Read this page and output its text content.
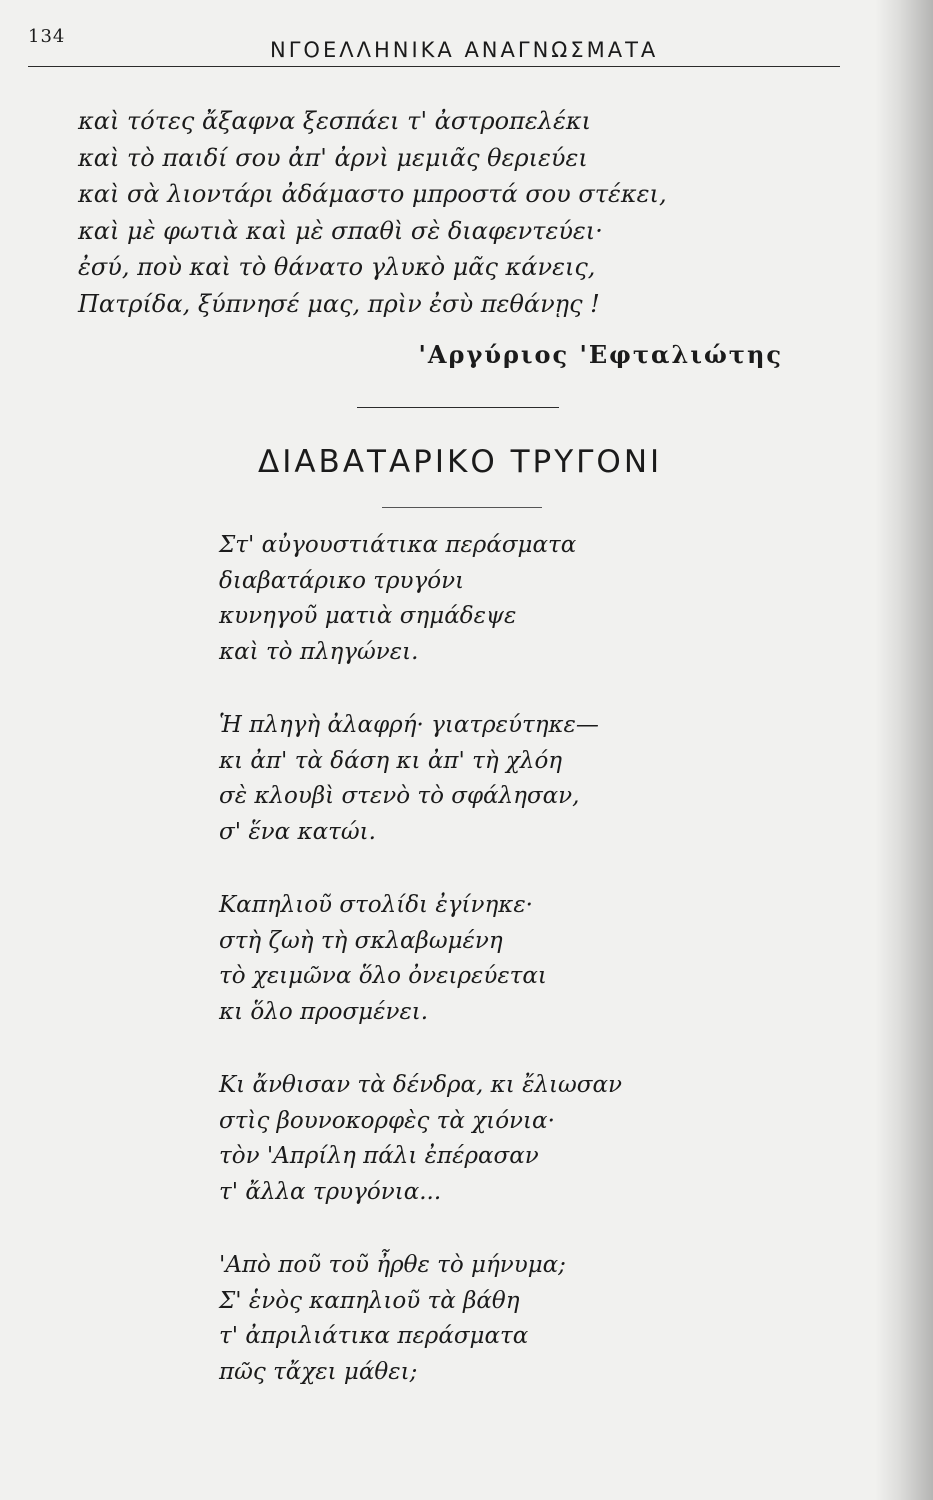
134
ΝΓΟΕΛΛΗΝΙΚΑ ΑΝΑΓΝΩΣΜΑΤΑ
καὶ τότες ἄξαφνα ξεσπάει τ' ἀστροπελέκι
καὶ τὸ παιδί σου ἀπ' ἀρνὶ μεμιᾶς θεριεύει
καὶ σὰ λιοντάρι ἀδάμαστο μπροστά σου στέκει,
καὶ μὲ φωτιὰ καὶ μὲ σπαθὶ σὲ διαφεντεύει·
ἐσύ, ποὺ καὶ τὸ θάνατο γλυκὸ μᾶς κάνεις,
Πατρίδα, ξύπνησέ μας, πρὶν ἐσὺ πεθάνῃς !
'Αργύριος 'Εφταλιώτης
ΔΙΑΒΑΤΑΡΙΚΟ ΤΡΥΓΟΝΙ
Στ' αὐγουστιάτικα περάσματα
διαβατάρικο τρυγόνι
κυνηγοῦ ματιὰ σημάδεψε
καὶ τὸ πληγώνει.
Ἡ πληγὴ ἀλαφρή· γιατρεύτηκε—
κι ἀπ' τὰ δάση κι ἀπ' τὴ χλόη
σὲ κλουβὶ στενὸ τὸ σφάλησαν,
σ' ἕνα κατώι.
Καπηλιοῦ στολίδι ἐγίνηκε·
στὴ ζωὴ τὴ σκλαβωμένη
τὸ χειμῶνα ὅλο ὀνειρεύεται
κι ὅλο προσμένει.
Κι ἄνθισαν τὰ δένδρα, κι ἔλιωσαν
στὶς βουνοκορφὲς τὰ χιόνια·
τὸν 'Απρίλη πάλι ἐπέρασαν
τ' ἄλλα τρυγόνια...
'Απὸ ποῦ τοῦ ἦρθε τὸ μήνυμα;
Σ' ἑνὸς καπηλιοῦ τὰ βάθη
τ' ἀπριλιάτικα περάσματα
πῶς τἄχει μάθει;
